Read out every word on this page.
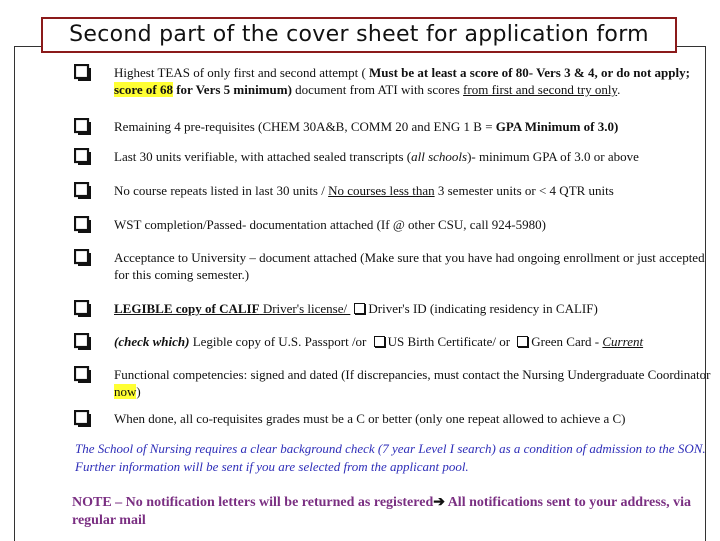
Second part of the cover sheet for application form
Highest TEAS of only first and second attempt ( Must be at least a score of 80- Vers 3 & 4, or do not apply; score of 68 for Vers 5 minimum) document from ATI with scores from first and second try only.
Remaining 4 pre-requisites (CHEM 30A&B, COMM 20 and ENG 1 B = GPA Minimum of 3.0)
Last 30 units verifiable, with attached sealed transcripts (all schools)- minimum GPA of 3.0 or above
No course repeats listed in last 30 units / No courses less than 3 semester units or < 4 QTR units
WST completion/Passed- documentation attached (If @ other CSU, call 924-5980)
Acceptance to University – document attached (Make sure that you have had ongoing enrollment or just accepted for this coming semester.)
LEGIBLE copy of CALIF Driver's license/ Driver's ID (indicating residency in CALIF)
(check which) Legible copy of U.S. Passport /or US Birth Certificate/ or Green Card - Current
Functional competencies: signed and dated (If discrepancies, must contact the Nursing Undergraduate Coordinator now)
When done, all co-requisites grades must be a C or better (only one repeat allowed to achieve a C)
The School of Nursing requires a clear background check (7 year Level I search) as a condition of admission to the SON. Further information will be sent if you are selected from the applicant pool.
NOTE – No notification letters will be returned as registered➔ All notifications sent to your address, via regular mail
